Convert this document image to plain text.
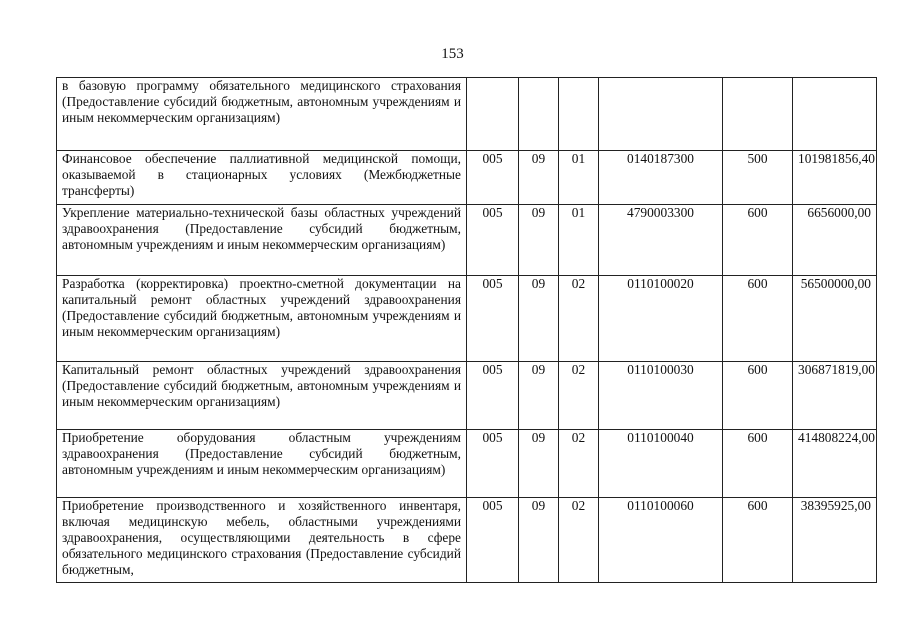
153
в базовую программу обязательного медицинского страхования (Предоставление субсидий бюджетным, автономным учреждениям и иным некоммерческим организациям)						
Финансовое обеспечение паллиативной медицинской помощи, оказываемой в стационарных условиях (Межбюджетные трансферты)	005	09	01	0140187300	500	101981856,40
Укрепление материально-технической базы областных учреждений здравоохранения (Предоставление субсидий бюджетным, автономным учреждениям и иным некоммерческим организациям)	005	09	01	4790003300	600	6656000,00
Разработка (корректировка) проектно-сметной документации на капитальный ремонт областных учреждений здравоохранения (Предоставление субсидий бюджетным, автономным учреждениям и иным некоммерческим организациям)	005	09	02	0110100020	600	56500000,00
Капитальный ремонт областных учреждений здравоохранения (Предоставление субсидий бюджетным, автономным учреждениям и иным некоммерческим организациям)	005	09	02	0110100030	600	306871819,00
Приобретение оборудования областным учреждениям здравоохранения (Предоставление субсидий бюджетным, автономным учреждениям и иным некоммерческим организациям)	005	09	02	0110100040	600	414808224,00
Приобретение производственного и хозяйственного инвентаря, включая медицинскую мебель, областными учреждениями здравоохранения, осуществляющими деятельность в сфере обязательного медицинского страхования (Предоставление субсидий бюджетным,	005	09	02	0110100060	600	38395925,00
